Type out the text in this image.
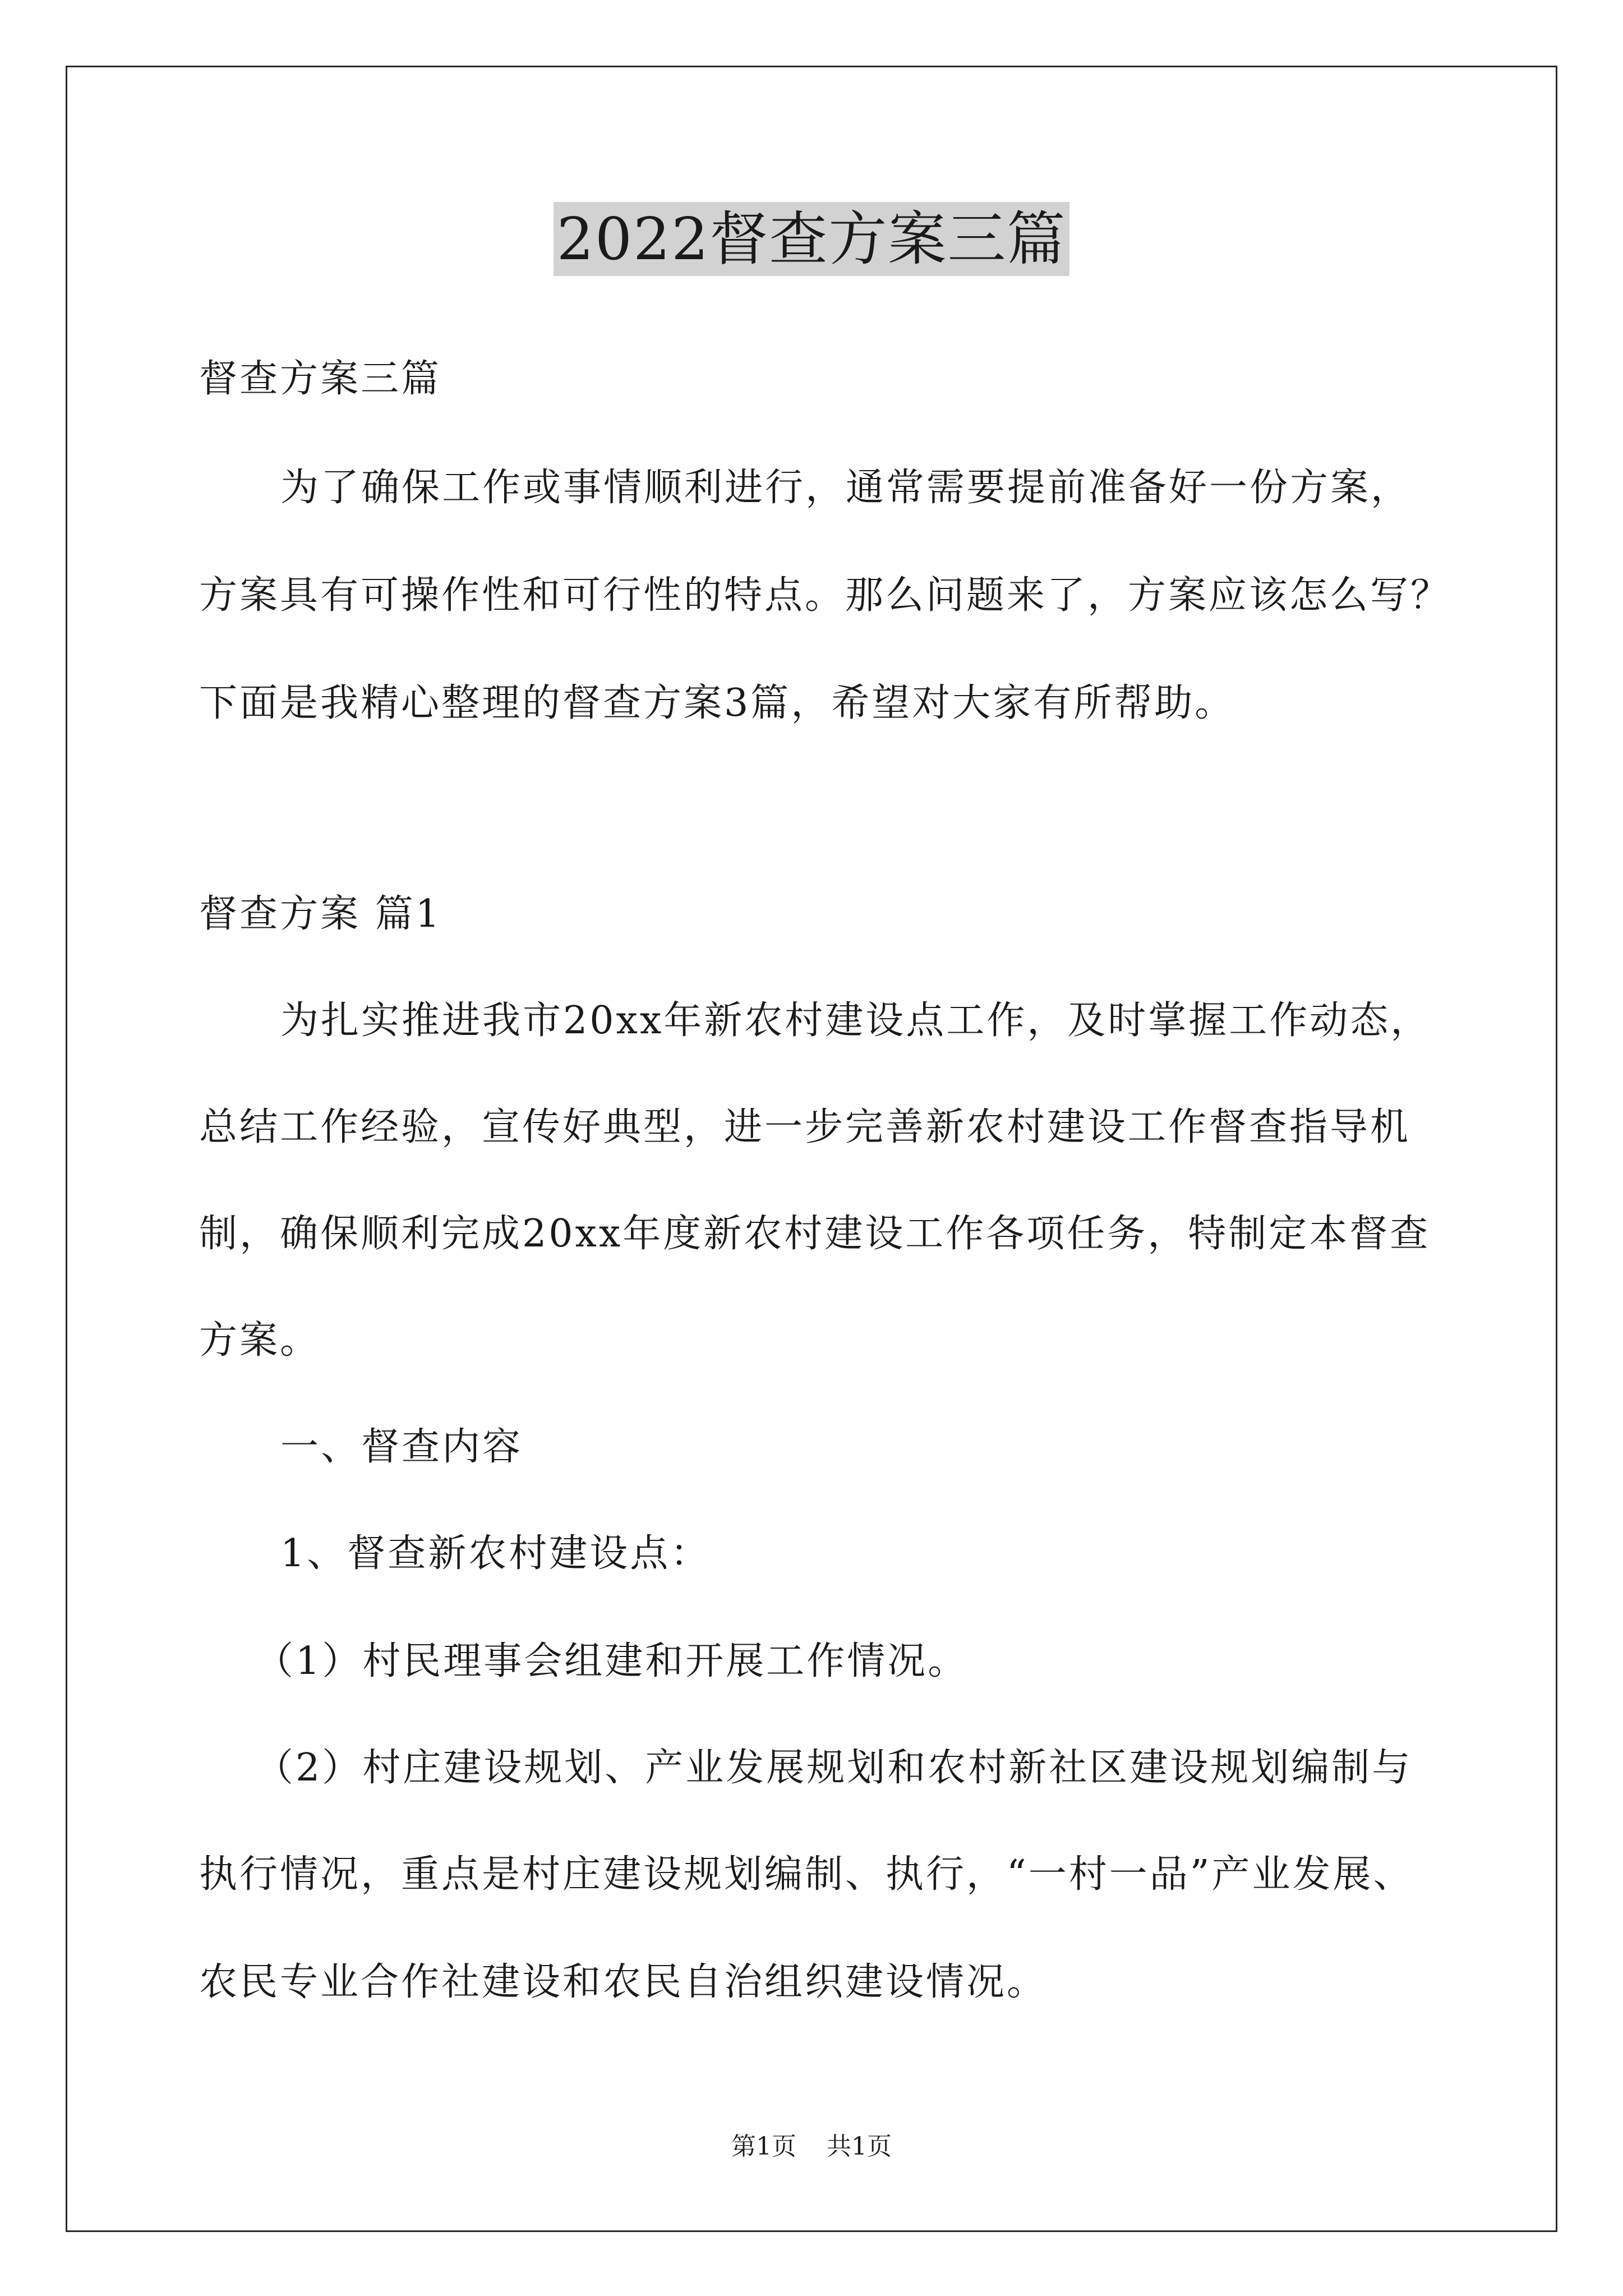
2022督查方案三篇
督查方案三篇
为了确保工作或事情顺利进行，通常需要提前准备好一份方案，
方案具有可操作性和可行性的特点。那么问题来了，方案应该怎么写？
下面是我精心整理的督查方案3篇，希望对大家有所帮助。
督查方案 篇1
为扎实推进我市20xx年新农村建设点工作，及时掌握工作动态，
总结工作经验，宣传好典型，进一步完善新农村建设工作督查指导机
制，确保顺利完成20xx年度新农村建设工作各项任务，特制定本督查
方案。
一、督查内容
1、督查新农村建设点：
（1）村民理事会组建和开展工作情况。
（2）村庄建设规划、产业发展规划和农村新社区建设规划编制与
执行情况，重点是村庄建设规划编制、执行，“一村一品”产业发展、
农民专业合作社建设和农民自治组织建设情况。
第1页 共1页
